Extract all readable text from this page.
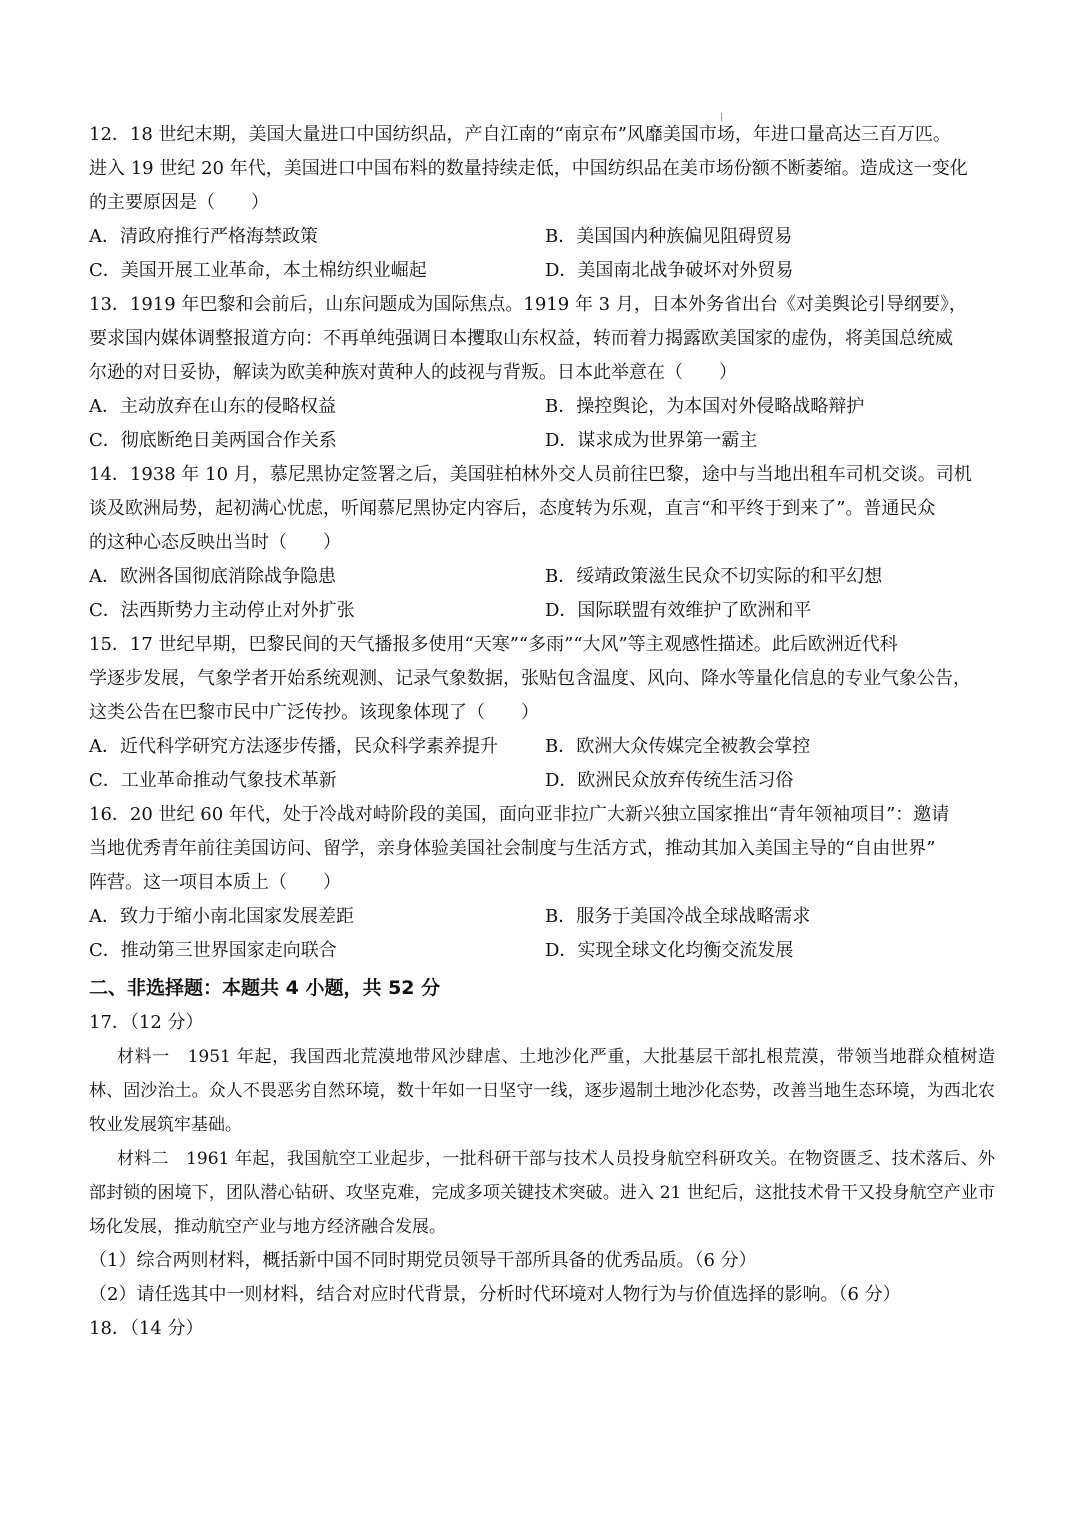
12．18 世纪末期，美国大量进口中国纺织品，产自江南的“南京布”风靡美国市场，年进口量高达三百万匹。
进入 19 世纪 20 年代，美国进口中国布料的数量持续走低，中国纺织品在美市场份额不断萎缩。造成这一变化
的主要原因是（　　）
A．清政府推行严格海禁政策	B．美国国内种族偏见阻碍贸易
C．美国开展工业革命，本土棉纺织业崛起	D．美国南北战争破坏对外贸易
13．1919 年巴黎和会前后，山东问题成为国际焦点。1919 年 3 月，日本外务省出台《对美舆论引导纲要》，
要求国内媒体调整报道方向：不再单纯强调日本攫取山东权益，转而着力揭露欧美国家的虚伪，将美国总统威
尔逊的对日妥协，解读为欧美种族对黄种人的歧视与背叛。日本此举意在（　　）
A．主动放弃在山东的侵略权益	B．操控舆论，为本国对外侵略战略辩护
C．彻底断绝日美两国合作关系	D．谋求成为世界第一霸主
14．1938 年 10 月，慕尼黑协定签署之后，美国驻柏林外交人员前往巴黎，途中与当地出租车司机交谈。司机
谈及欧洲局势，起初满心忧虑，听闻慕尼黑协定内容后，态度转为乐观，直言“和平终于到来了”。普通民众
的这种心态反映出当时（　　）
A．欧洲各国彻底消除战争隐患	B．绥靖政策滋生民众不切实际的和平幻想
C．法西斯势力主动停止对外扩张	D．国际联盟有效维护了欧洲和平
15．17 世纪早期，巴黎民间的天气播报多使用“天寒”“多雨”“大风”等主观感性描述。此后欧洲近代科
学逐步发展，气象学者开始系统观测、记录气象数据，张贴包含温度、风向、降水等量化信息的专业气象公告，
这类公告在巴黎市民中广泛传抄。该现象体现了（　　）
A．近代科学研究方法逐步传播，民众科学素养提升	B．欧洲大众传媒完全被教会掌控
C．工业革命推动气象技术革新	D．欧洲民众放弃传统生活习俗
16．20 世纪 60 年代，处于冷战对峙阶段的美国，面向亚非拉广大新兴独立国家推出“青年领袖项目”：邀请
当地优秀青年前往美国访问、留学，亲身体验美国社会制度与生活方式，推动其加入美国主导的“自由世界”
阵营。这一项目本质上（　　）
A．致力于缩小南北国家发展差距	B．服务于美国冷战全球战略需求
C．推动第三世界国家走向联合	D．实现全球文化均衡交流发展
二、非选择题：本题共 4 小题，共 52 分
17．（12 分）
材料一　1951 年起，我国西北荒漠地带风沙肆虐、土地沙化严重，大批基层干部扎根荒漠，带领当地群众植树造林、固沙治土。众人不畏恶劣自然环境，数十年如一日坚守一线，逐步遏制土地沙化态势，改善当地生态环境，为西北农牧业发展筑牢基础。
材料二　1961 年起，我国航空工业起步，一批科研干部与技术人员投身航空科研攻关。在物资匮乏、技术落后、外部封锁的困境下，团队潜心钻研、攻坚克难，完成多项关键技术突破。进入 21 世纪后，这批技术骨干又投身航空产业市场化发展，推动航空产业与地方经济融合发展。
（1）综合两则材料，概括新中国不同时期党员领导干部所具备的优秀品质。（6 分）
（2）请任选其中一则材料，结合对应时代背景，分析时代环境对人物行为与价值选择的影响。（6 分）
18．（14 分）
